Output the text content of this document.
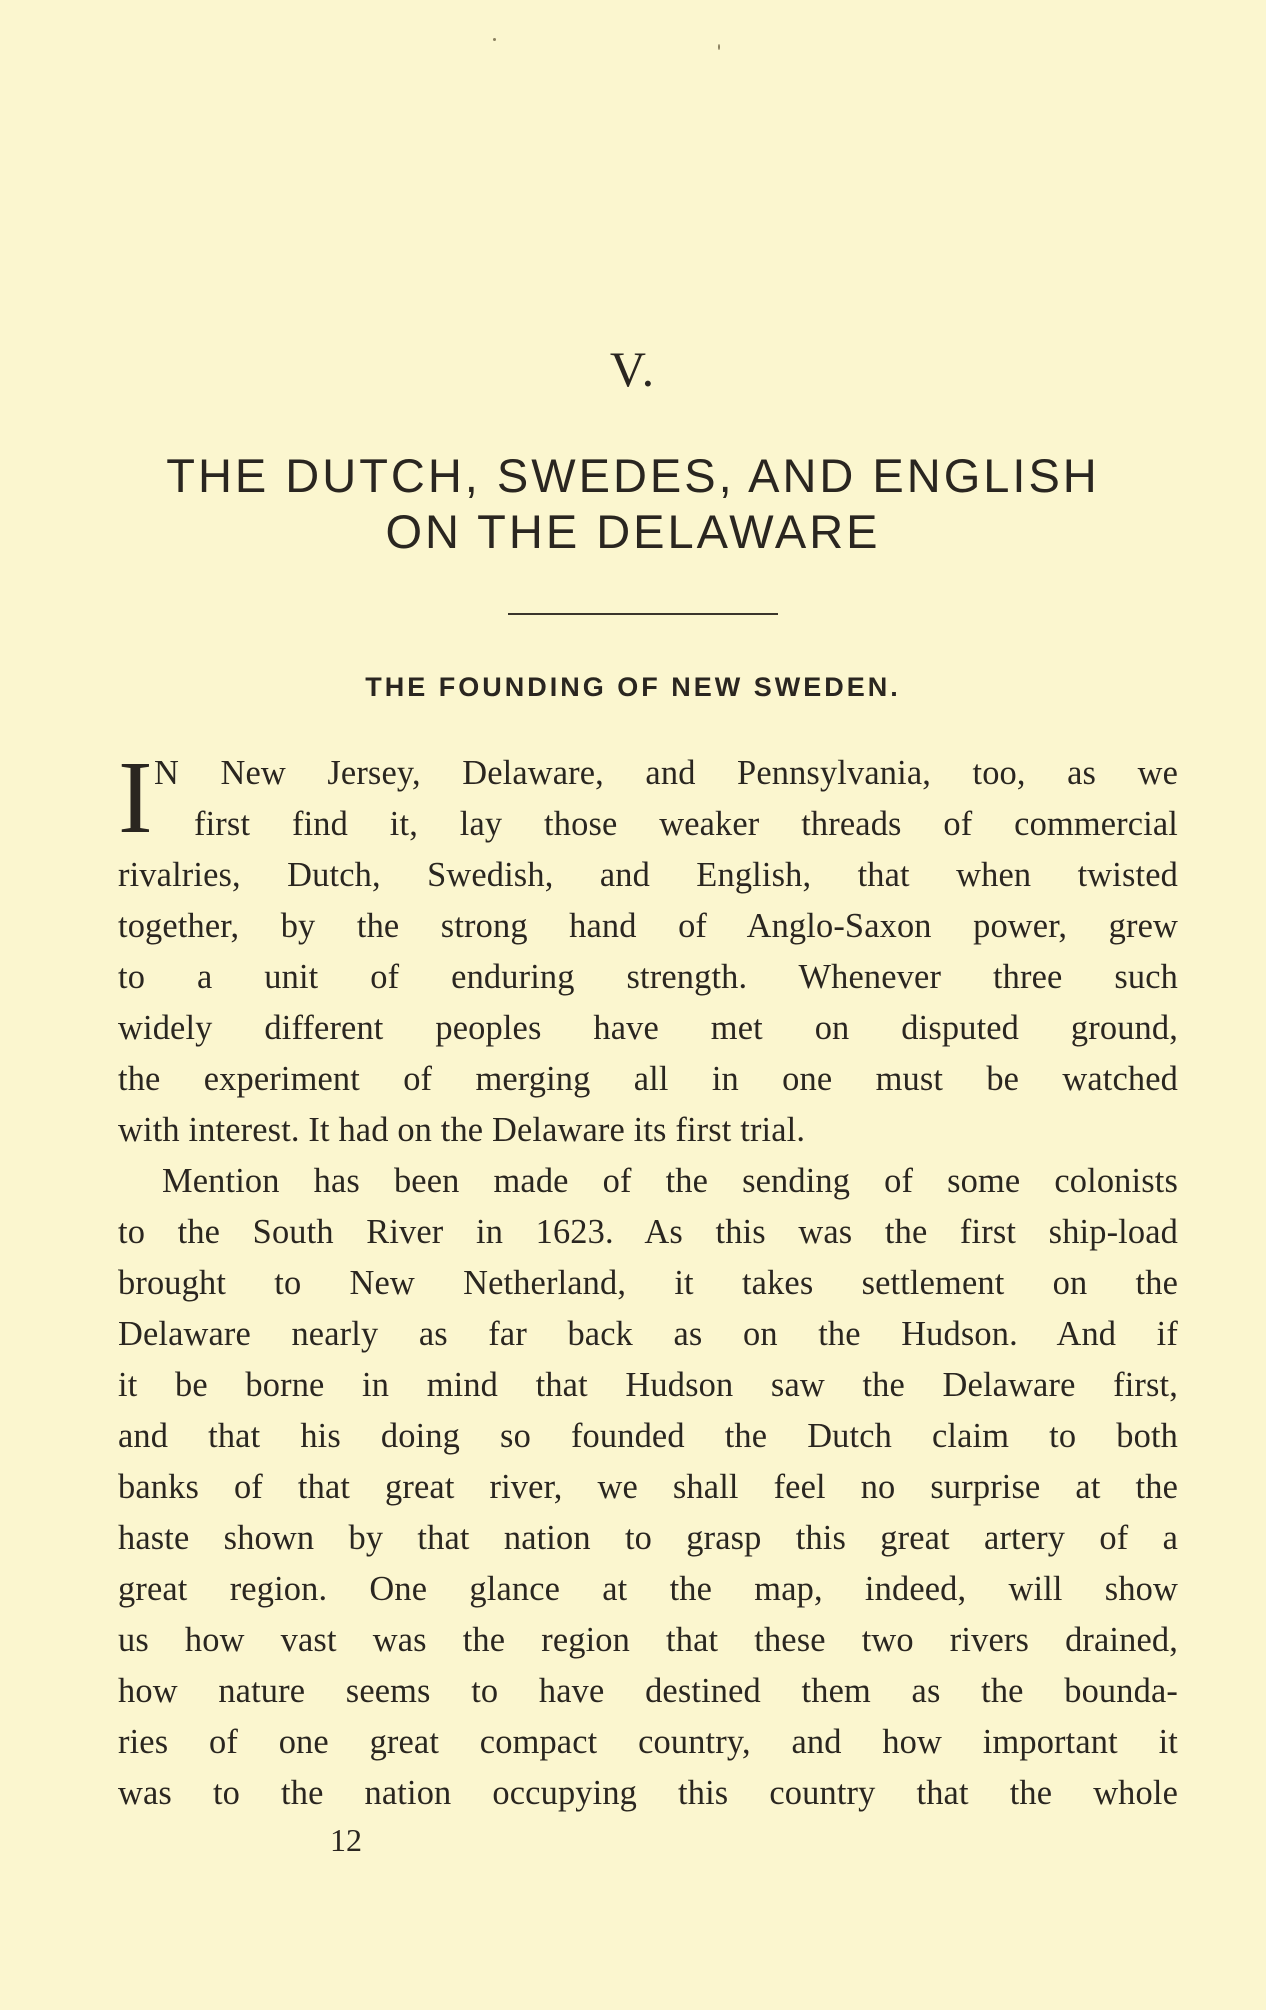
V.
THE DUTCH, SWEDES, AND ENGLISH
ON THE DELAWARE
THE FOUNDING OF NEW SWEDEN.
I N New Jersey, Delaware, and Pennsylvania, too, as we
first find it, lay those weaker threads of commercial
rivalries, Dutch, Swedish, and English, that when twisted
together, by the strong hand of Anglo-Saxon power, grew
to a unit of enduring strength. Whenever three such
widely different peoples have met on disputed ground,
the experiment of merging all in one must be watched
with interest. It had on the Delaware its first trial.
Mention has been made of the sending of some colonists
to the South River in 1623. As this was the first ship-load
brought to New Netherland, it takes settlement on the
Delaware nearly as far back as on the Hudson. And if
it be borne in mind that Hudson saw the Delaware first,
and that his doing so founded the Dutch claim to both
banks of that great river, we shall feel no surprise at the
haste shown by that nation to grasp this great artery of a
great region. One glance at the map, indeed, will show
us how vast was the region that these two rivers drained,
how nature seems to have destined them as the bounda-
ries of one great compact country, and how important it
was to the nation occupying this country that the whole
12
